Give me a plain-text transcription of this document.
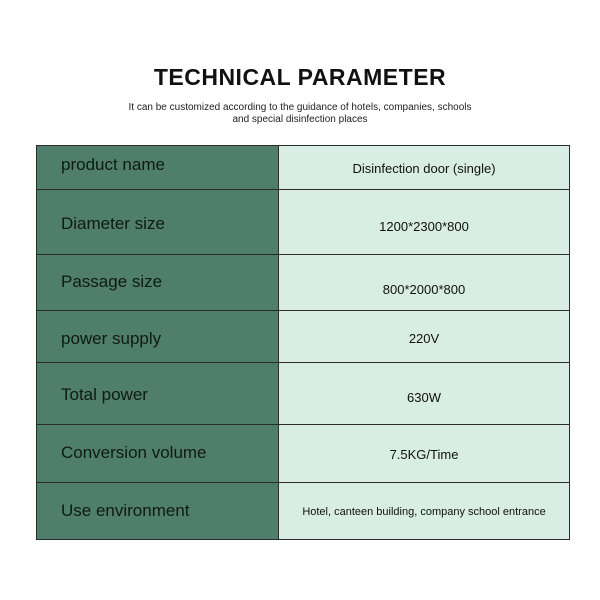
TECHNICAL PARAMETER
It can be customized according to the guidance of hotels, companies, schools
and special disinfection places
product name	Disinfection door (single)
Diameter size	1200*2300*800
Passage size	800*2000*800
power supply	220V
Total power	630W
Conversion volume	7.5KG/Time
Use environment	Hotel, canteen building, company school entrance
